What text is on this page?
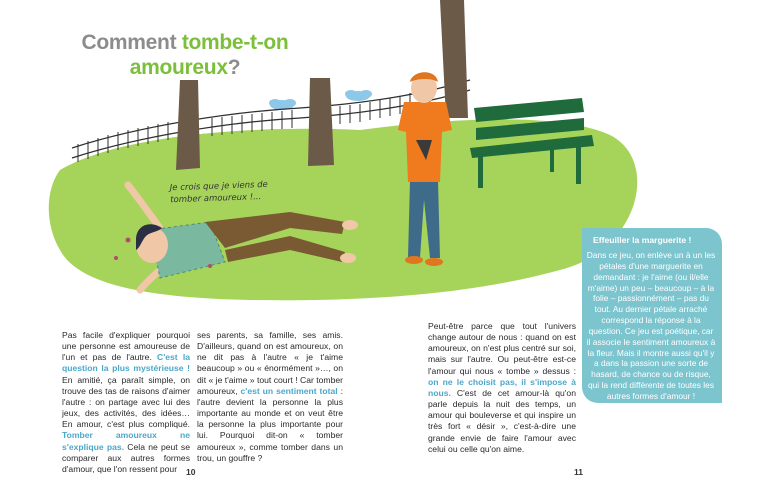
Comment tombe-t-on
amoureux?
Je crois que je viens de tomber amoureux !...
Pas facile d'expliquer pourquoi une personne est amoureuse de l'un et pas de l'autre. C'est la question la plus mystérieuse ! En amitié, ça paraît simple, on trouve des tas de raisons d'aimer l'autre : on partage avec lui des jeux, des activités, des idées… En amour, c'est plus compliqué. Tomber amoureux ne s'explique pas. Cela ne peut se comparer aux autres formes d'amour, que l'on ressent pour
ses parents, sa famille, ses amis. D'ailleurs, quand on est amoureux, on ne dit pas à l'autre « je t'aime beaucoup » ou « énormément »…, on dit « je t'aime » tout court ! Car tomber amoureux, c'est un sentiment total : l'autre devient la personne la plus importante au monde et on veut être la personne la plus importante pour lui. Pourquoi dit-on « tomber amoureux », comme tomber dans un trou, un gouffre ?
Peut-être parce que tout l'univers change autour de nous : quand on est amoureux, on n'est plus centré sur soi, mais sur l'autre. Ou peut-être est-ce l'amour qui nous « tombe » dessus : on ne le choisit pas, il s'impose à nous. C'est de cet amour-là qu'on parle depuis la nuit des temps, un amour qui bouleverse et qui inspire un très fort « désir », c'est-à-dire une grande envie de faire l'amour avec celui ou celle qu'on aime.
Effeuiller la marguerite !
Dans ce jeu, on enlève un à un les pétales d'une marguerite en demandant : je l'aime (ou il/elle m'aime) un peu – beaucoup – à la folie – passionnément – pas du tout. Au dernier pétale arraché correspond la réponse à la question. Ce jeu est poétique, car il associe le sentiment amoureux à la fleur. Mais il montre aussi qu'il y a dans la passion une sorte de hasard, de chance ou de risque, qui la rend différente de toutes les autres formes d'amour !
10	11
